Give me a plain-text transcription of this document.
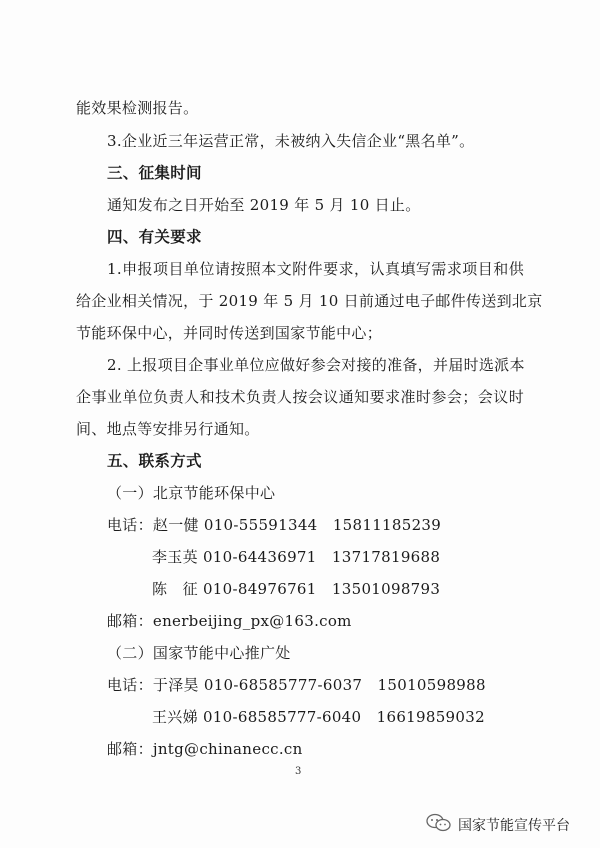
能效果检测报告。
3.企业近三年运营正常，未被纳入失信企业“黑名单”。
三、征集时间
通知发布之日开始至 2019 年 5 月 10 日止。
四、有关要求
1.申报项目单位请按照本文附件要求，认真填写需求项目和供
给企业相关情况，于 2019 年 5 月 10 日前通过电子邮件传送到北京
节能环保中心，并同时传送到国家节能中心；
2. 上报项目企事业单位应做好参会对接的准备，并届时选派本
企事业单位负责人和技术负责人按会议通知要求准时参会；会议时
间、地点等安排另行通知。
五、联系方式
（一）北京节能环保中心
电话：赵一健 010-55591344　15811185239
李玉英 010-64436971　13717819688
陈　征 010-84976761　13501098793
邮箱：enerbeijing_px@163.com
（二）国家节能中心推广处
电话：于泽昊 010-68585777-6037　15010598988
王兴娣 010-68585777-6040　16619859032
邮箱：jntg@chinanecc.cn
3
国家节能宣传平台
